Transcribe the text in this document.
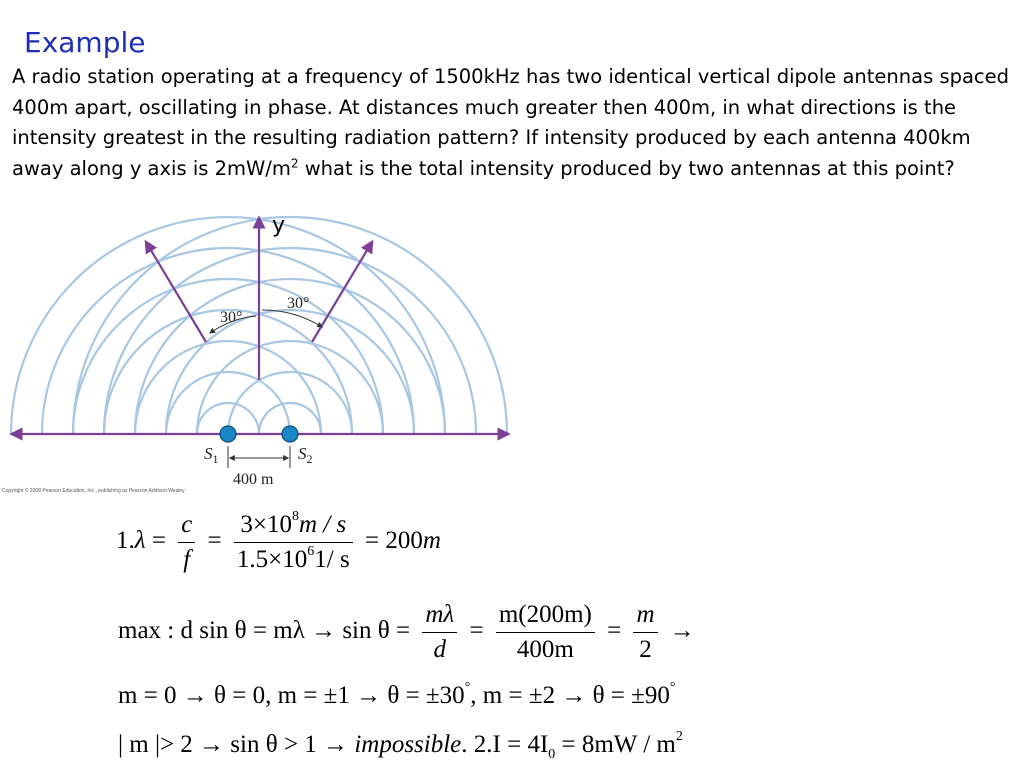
Example
A radio station operating at a frequency of 1500kHz has two identical vertical dipole antennas spaced 400m apart, oscillating in phase. At distances much greater then 400m, in what directions is the intensity greatest in the resulting radiation pattern? If intensity produced by each antenna 400km away along y axis is $2mW/m^2$ what is the total intensity produced by two antennas at this point?
30°
30°
y
$S_1$	$S_2$
400 m
Copyright © 2008 Pearson Education, Inc., publishing as Pearson Addison-Wesley
$1.\lambda = \frac{c}{f} = \frac{3\times 10^8m / s}{1.5\times 10^61/ s} = 200m$
max : d $\sin \theta = m\lambda \to \sin \theta = \frac{m\lambda}{d} = \frac{m(200m)}{400m} = \frac{m}{2}$ →
m = 0 → θ = 0, m = ±1 → θ = ±30°, m = ±2 → θ = ±90°
| m |> 2 → sin θ > 1 → impossible. $2.I = 4I_0 = 8mW / m^2$
